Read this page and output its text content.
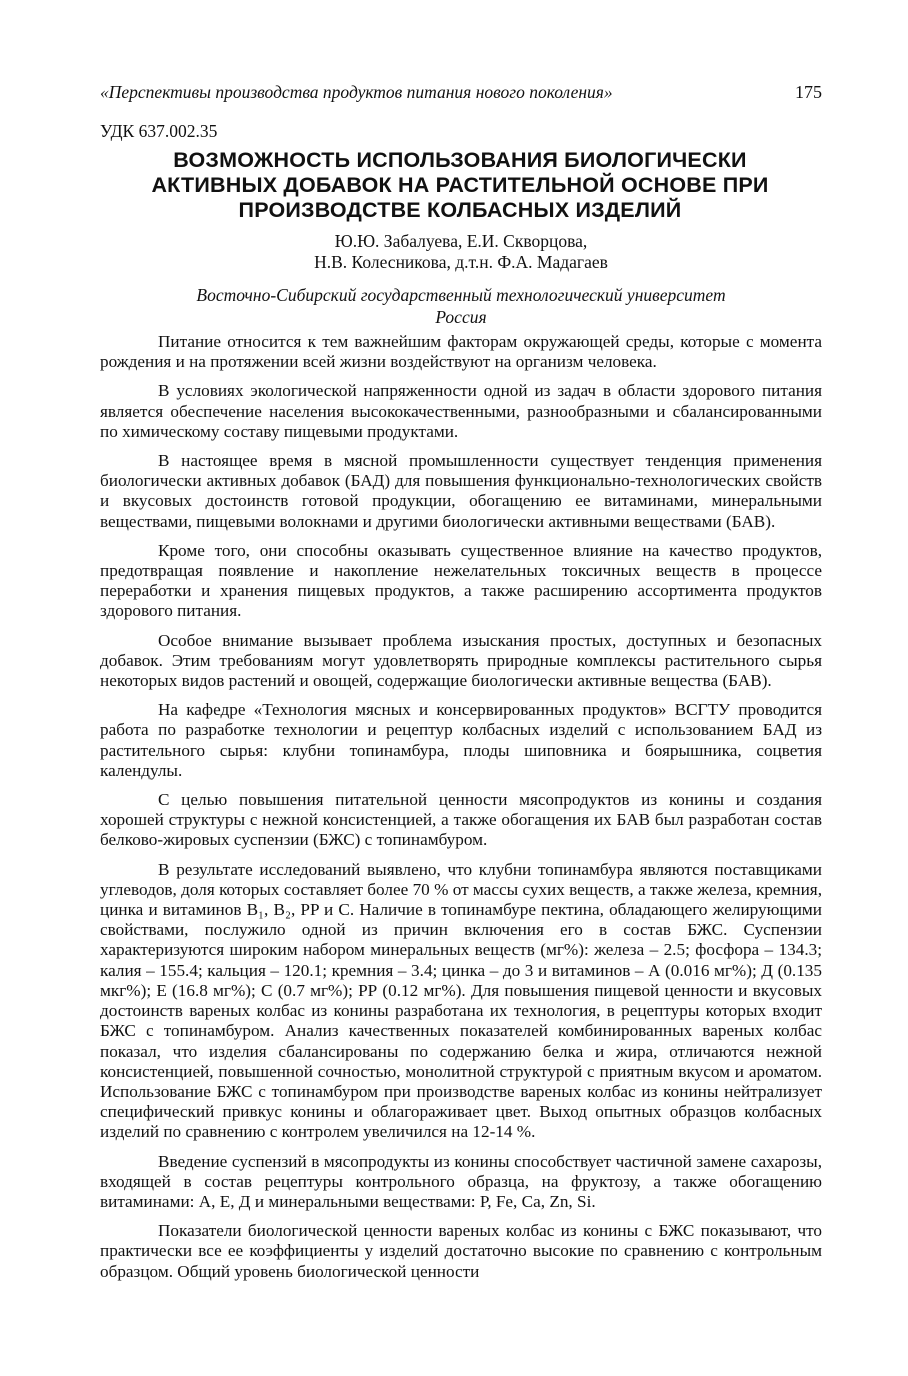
«Перспективы производства продуктов питания нового поколения»	175
УДК 637.002.35
ВОЗМОЖНОСТЬ ИСПОЛЬЗОВАНИЯ БИОЛОГИЧЕСКИ
АКТИВНЫХ ДОБАВОК НА РАСТИТЕЛЬНОЙ ОСНОВЕ ПРИ
ПРОИЗВОДСТВЕ КОЛБАСНЫХ ИЗДЕЛИЙ
Ю.Ю. Забалуева, Е.И. Скворцова,
Н.В. Колесникова, д.т.н. Ф.А. Мадагаев
Восточно-Сибирский государственный технологический университет
Россия

Питание относится к тем важнейшим факторам окружающей среды, которые с момента рождения и на протяжении всей жизни воздействуют на организм человека.

В условиях экологической напряженности одной из задач в области здорового питания является обеспечение населения высококачественными, разнообразными и сбалансированными по химическому составу пищевыми продуктами.

В настоящее время в мясной промышленности существует тенденция применения биологически активных добавок (БАД) для повышения функционально-технологических свойств и вкусовых достоинств готовой продукции, обогащению ее витаминами, минеральными веществами, пищевыми волокнами и другими биологически активными веществами (БАВ).

Кроме того, они способны оказывать существенное влияние на качество продуктов, предотвращая появление и накопление нежелательных токсичных веществ в процессе переработки и хранения пищевых продуктов, а также расширению ассортимента продуктов здорового питания.

Особое внимание вызывает проблема изыскания простых, доступных и безопасных добавок. Этим требованиям могут удовлетворять природные комплексы растительного сырья некоторых видов растений и овощей, содержащие биологически активные вещества (БАВ).

На кафедре «Технология мясных и консервированных продуктов» ВСГТУ проводится работа по разработке технологии и рецептур колбасных изделий с использованием БАД из растительного сырья: клубни топинамбура, плоды шиповника и боярышника, соцветия календулы.

С целью повышения питательной ценности мясопродуктов из конины и создания хорошей структуры с нежной консистенцией, а также обогащения их БАВ был разработан состав белково-жировых суспензии (БЖС) с топинамбуром.

В результате исследований выявлено, что клубни топинамбура являются поставщиками углеводов, доля которых составляет более 70 % от массы сухих веществ, а также железа, кремния, цинка и витаминов B₁, B₂, PP и C. Наличие в топинамбуре пектина, обладающего желирующими свойствами, послужило одной из причин включения его в состав БЖС. Суспензии характеризуются широким набором минеральных веществ (мг%): железа – 2.5; фосфора – 134.3; калия – 155.4; кальция – 120.1; кремния – 3.4; цинка – до 3 и витаминов – А (0.016 мг%); Д (0.135 мкг%); Е (16.8 мг%); С (0.7 мг%); РР (0.12 мг%). Для повышения пищевой ценности и вкусовых достоинств вареных колбас из конины разработана их технология, в рецептуры которых входит БЖС с топинамбуром. Анализ качественных показателей комбинированных вареных колбас показал, что изделия сбалансированы по содержанию белка и жира, отличаются нежной консистенцией, повышенной сочностью, монолитной структурой с приятным вкусом и ароматом. Использование БЖС с топинамбуром при производстве вареных колбас из конины нейтрализует специфический привкус конины и облагораживает цвет. Выход опытных образцов колбасных изделий по сравнению с контролем увеличился на 12-14 %.

Введение суспензий в мясопродукты из конины способствует частичной замене сахарозы, входящей в состав рецептуры контрольного образца, на фруктозу, а также обогащению витаминами: А, Е, Д и минеральными веществами: Р, Fe, Ca, Zn, Si.

Показатели биологической ценности вареных колбас из конины с БЖС показывают, что практически все ее коэффициенты у изделий достаточно высокие по сравнению с контрольным образцом. Общий уровень биологической ценности
